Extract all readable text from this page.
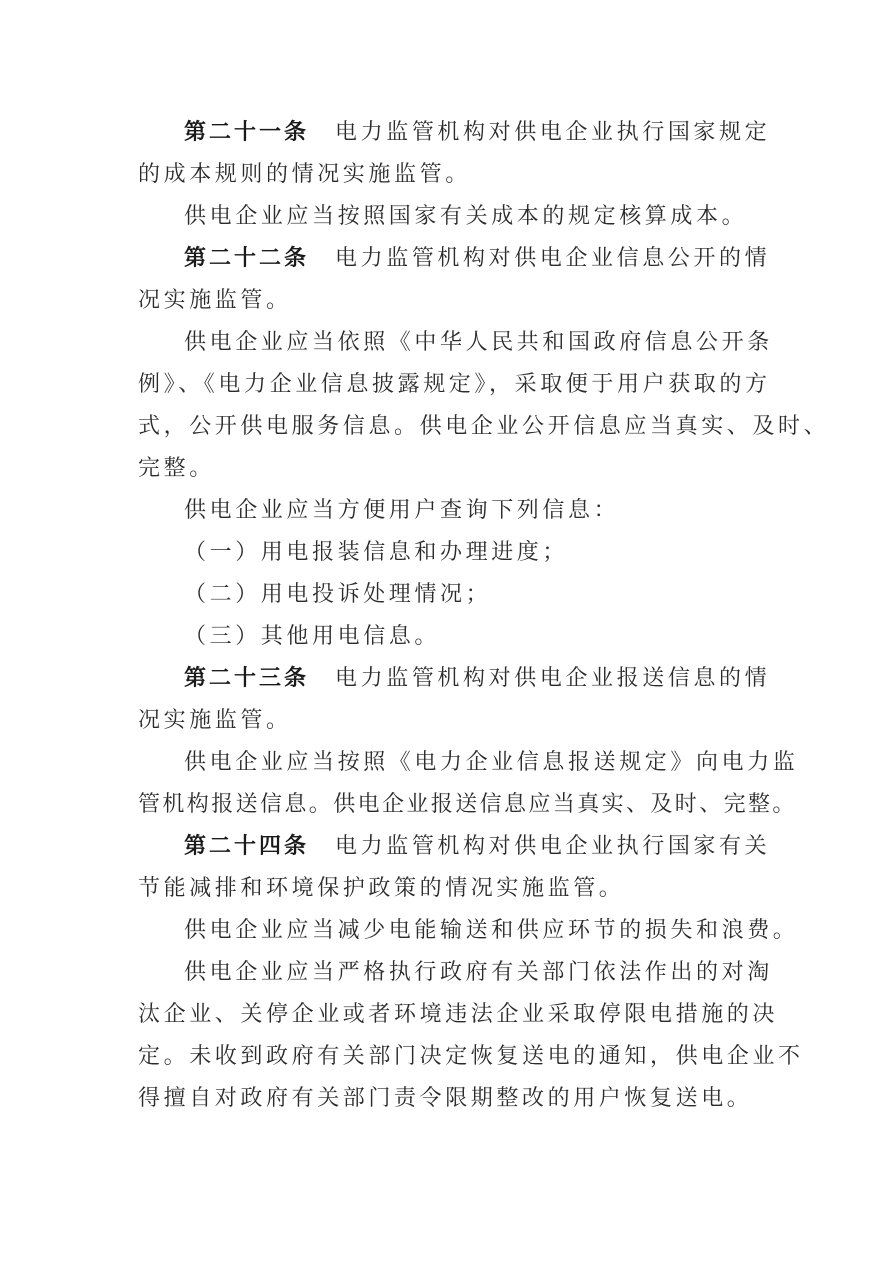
第二十一条 电力监管机构对供电企业执行国家规定
的成本规则的情况实施监管。
供电企业应当按照国家有关成本的规定核算成本。
第二十二条 电力监管机构对供电企业信息公开的情
况实施监管。
供电企业应当依照《中华人民共和国政府信息公开条
例》、《电力企业信息披露规定》，采取便于用户获取的方
式，公开供电服务信息。供电企业公开信息应当真实、及时、
完整。
供电企业应当方便用户查询下列信息：
（一）用电报装信息和办理进度；
（二）用电投诉处理情况；
（三）其他用电信息。
第二十三条 电力监管机构对供电企业报送信息的情
况实施监管。
供电企业应当按照《电力企业信息报送规定》向电力监
管机构报送信息。供电企业报送信息应当真实、及时、完整。
第二十四条 电力监管机构对供电企业执行国家有关
节能减排和环境保护政策的情况实施监管。
供电企业应当减少电能输送和供应环节的损失和浪费。
供电企业应当严格执行政府有关部门依法作出的对淘
汰企业、关停企业或者环境违法企业采取停限电措施的决
定。未收到政府有关部门决定恢复送电的通知，供电企业不
得擅自对政府有关部门责令限期整改的用户恢复送电。
